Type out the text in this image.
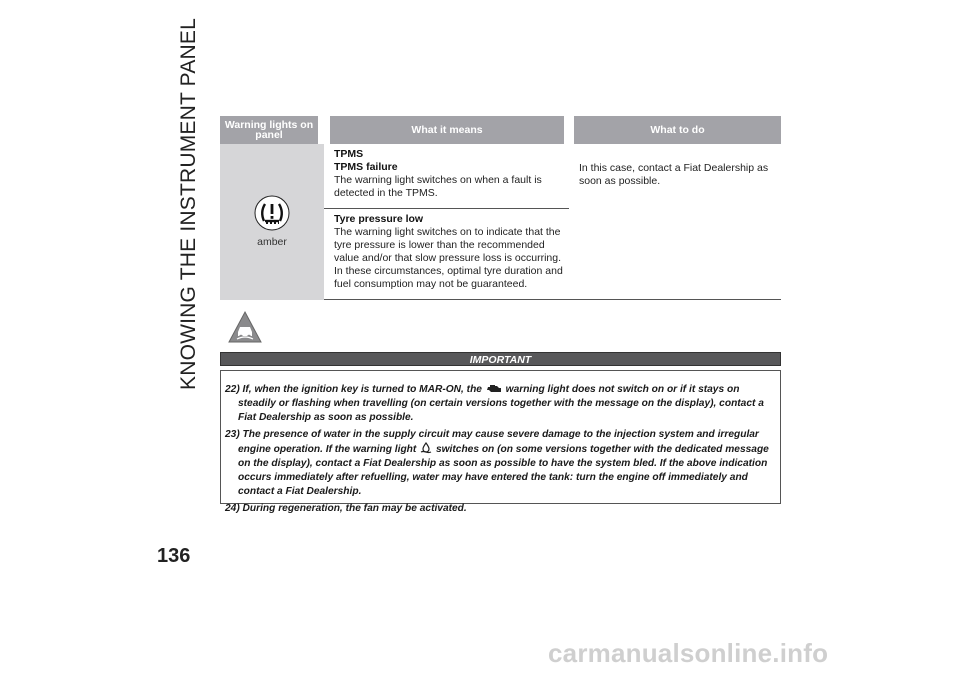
KNOWING THE INSTRUMENT PANEL Warning lights on panel	What it means	What to do

amber	TPMS
TPMS failure
The warning light switches on when a fault is detected in the TPMS.	In this case, contact a Fiat Dealership as soon as possible.
	Tyre pressure low
The warning light switches on to indicate that the tyre pressure is lower than the recommended value and/or that slow pressure loss is occurring. In these circumstances, optimal tyre duration and fuel consumption may not be guaranteed.	
IMPORTANT

22) If, when the ignition key is turned to MAR-ON, the warning light does not switch on or if it stays on steadily or flashing when travelling (on certain versions together with the message on the display), contact a Fiat Dealership as soon as possible.

23) The presence of water in the supply circuit may cause severe damage to the injection system and irregular engine operation. If the warning light switches on (on some versions together with the dedicated message on the display), contact a Fiat Dealership as soon as possible to have the system bled. If the above indication occurs immediately after refuelling, water may have entered the tank: turn the engine off immediately and contact a Fiat Dealership.

24) During regeneration, the fan may be activated.

136
carmanualsonline.info
